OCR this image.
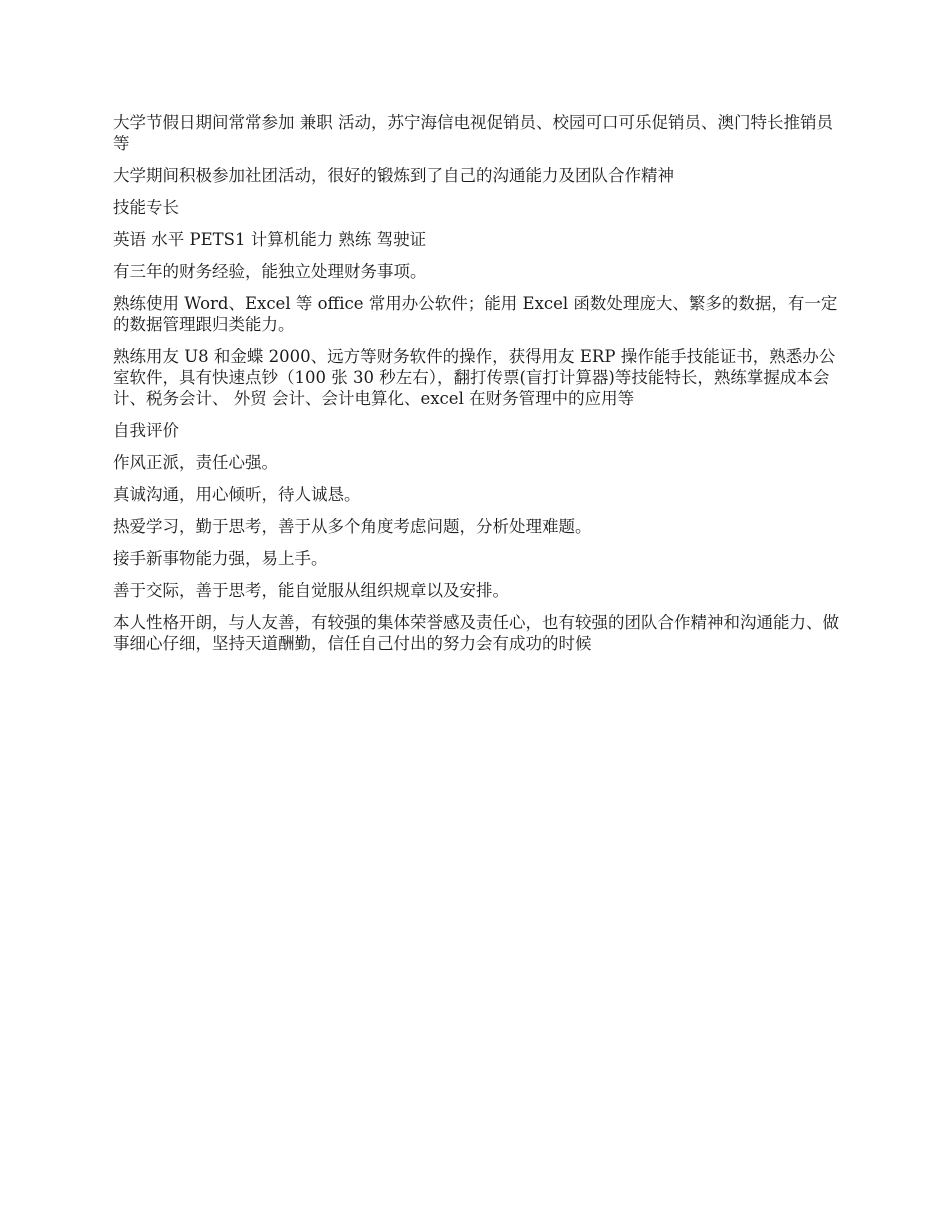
大学节假日期间常常参加 兼职 活动，苏宁海信电视促销员、校园可口可乐促销员、澳门特长推销员等

大学期间积极参加社团活动，很好的锻炼到了自己的沟通能力及团队合作精神

技能专长

英语 水平 PETS1 计算机能力 熟练 驾驶证

有三年的财务经验，能独立处理财务事项。

熟练使用 Word、Excel 等 office 常用办公软件；能用 Excel 函数处理庞大、繁多的数据，有一定的数据管理跟归类能力。

熟练用友 U8 和金蝶 2000、远方等财务软件的操作，获得用友 ERP 操作能手技能证书，熟悉办公室软件，具有快速点钞（100 张 30 秒左右），翻打传票(盲打计算器)等技能特长，熟练掌握成本会计、税务会计、 外贸 会计、会计电算化、excel 在财务管理中的应用等

自我评价

作风正派，责任心强。

真诚沟通，用心倾听，待人诚恳。

热爱学习，勤于思考，善于从多个角度考虑问题，分析处理难题。

接手新事物能力强，易上手。

善于交际，善于思考，能自觉服从组织规章以及安排。

本人性格开朗，与人友善，有较强的集体荣誉感及责任心，也有较强的团队合作精神和沟通能力、做事细心仔细，坚持天道酬勤，信任自己付出的努力会有成功的时候
